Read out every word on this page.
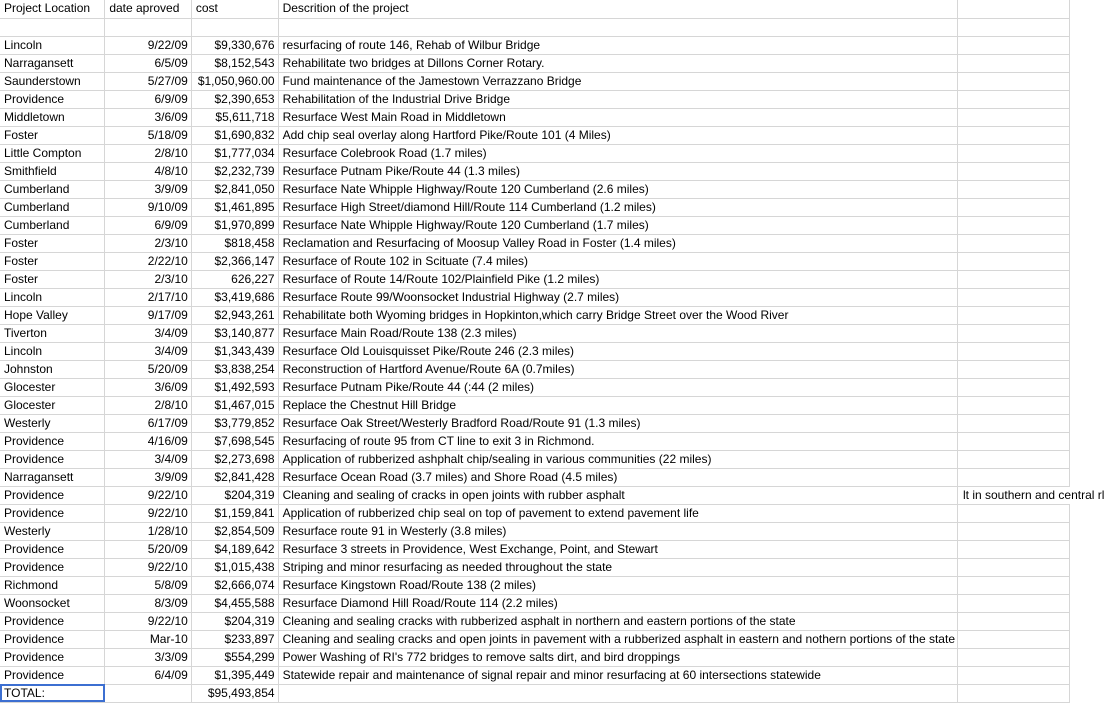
Project Location	date aproved	cost	Descrition of the project	

Lincoln	9/22/09	$9,330,676	resurfacing of route 146, Rehab of Wilbur Bridge	
Narragansett	6/5/09	$8,152,543	Rehabilitate two bridges at Dillons Corner Rotary.	
Saunderstown	5/27/09	$1,050,960.00	Fund maintenance of the Jamestown Verrazzano Bridge	
Providence	6/9/09	$2,390,653	Rehabilitation of the Industrial Drive Bridge	
Middletown	3/6/09	$5,611,718	Resurface West Main Road in Middletown	
Foster	5/18/09	$1,690,832	Add chip seal overlay along Hartford Pike/Route 101 (4 Miles)	
Little Compton	2/8/10	$1,777,034	Resurface Colebrook Road (1.7 miles)	
Smithfield	4/8/10	$2,232,739	Resurface Putnam Pike/Route 44 (1.3 miles)	
Cumberland	3/9/09	$2,841,050	Resurface Nate Whipple Highway/Route 120 Cumberland (2.6 miles)	
Cumberland	9/10/09	$1,461,895	Resurface High Street/diamond Hill/Route 114 Cumberland (1.2 miles)	
Cumberland	6/9/09	$1,970,899	Resurface Nate Whipple Highway/Route 120 Cumberland (1.7 miles)	
Foster	2/3/10	$818,458	Reclamation and Resurfacing of Moosup Valley Road in Foster (1.4 miles)	
Foster	2/22/10	$2,366,147	Resurface of Route 102 in Scituate (7.4 miles)	
Foster	2/3/10	626,227	Resurface of Route 14/Route 102/Plainfield Pike (1.2 miles)	
Lincoln	2/17/10	$3,419,686	Resurface Route 99/Woonsocket Industrial Highway (2.7 miles)	
Hope Valley	9/17/09	$2,943,261	Rehabilitate both Wyoming bridges in Hopkinton,which carry Bridge Street over the Wood River	
Tiverton	3/4/09	$3,140,877	Resurface Main Road/Route 138 (2.3 miles)	
Lincoln	3/4/09	$1,343,439	Resurface Old Louisquisset Pike/Route 246 (2.3 miles)	
Johnston	5/20/09	$3,838,254	Reconstruction of Hartford Avenue/Route 6A (0.7miles)	
Glocester	3/6/09	$1,492,593	Resurface Putnam Pike/Route 44 (:44 (2 miles)	
Glocester	2/8/10	$1,467,015	Replace the Chestnut Hill Bridge	
Westerly	6/17/09	$3,779,852	Resurface Oak Street/Westerly Bradford Road/Route 91 (1.3 miles)	
Providence	4/16/09	$7,698,545	Resurfacing of route 95 from CT line to exit 3 in Richmond.	
Providence	3/4/09	$2,273,698	Application of rubberized ashphalt chip/sealing in various communities (22 miles)	
Narragansett	3/9/09	$2,841,428	Resurface Ocean Road (3.7 miles) and Shore Road (4.5 miles)	
Providence	9/22/10	$204,319	Cleaning and sealing of cracks in open joints with rubber asphalt	lt in southern and central rl

Providence	9/22/10	$1,159,841	Application of rubberized chip seal on top of pavement to extend pavement life	
Westerly	1/28/10	$2,854,509	Resurface route 91 in Westerly (3.8 miles)	
Providence	5/20/09	$4,189,642	Resurface 3 streets in Providence, West Exchange, Point, and Stewart	
Providence	9/22/10	$1,015,438	Striping and minor resurfacing as needed throughout the state	
Richmond	5/8/09	$2,666,074	Resurface Kingstown Road/Route 138 (2 miles)	
Woonsocket	8/3/09	$4,455,588	Resurface Diamond Hill Road/Route 114 (2.2 miles)	
Providence	9/22/10	$204,319	Cleaning and sealing cracks with rubberized asphalt in northern and eastern portions of the state	
Providence	Mar-10	$233,897	Cleaning and sealing cracks and open joints in pavement with a rubberized asphalt in eastern and nothern portions of the state	
Providence	3/3/09	$554,299	Power Washing of RI's 772 bridges to remove salts dirt, and bird droppings	
Providence	6/4/09	$1,395,449	Statewide repair and maintenance of signal repair and minor resurfacing at 60 intersections statewide	
TOTAL:		$95,493,854		
